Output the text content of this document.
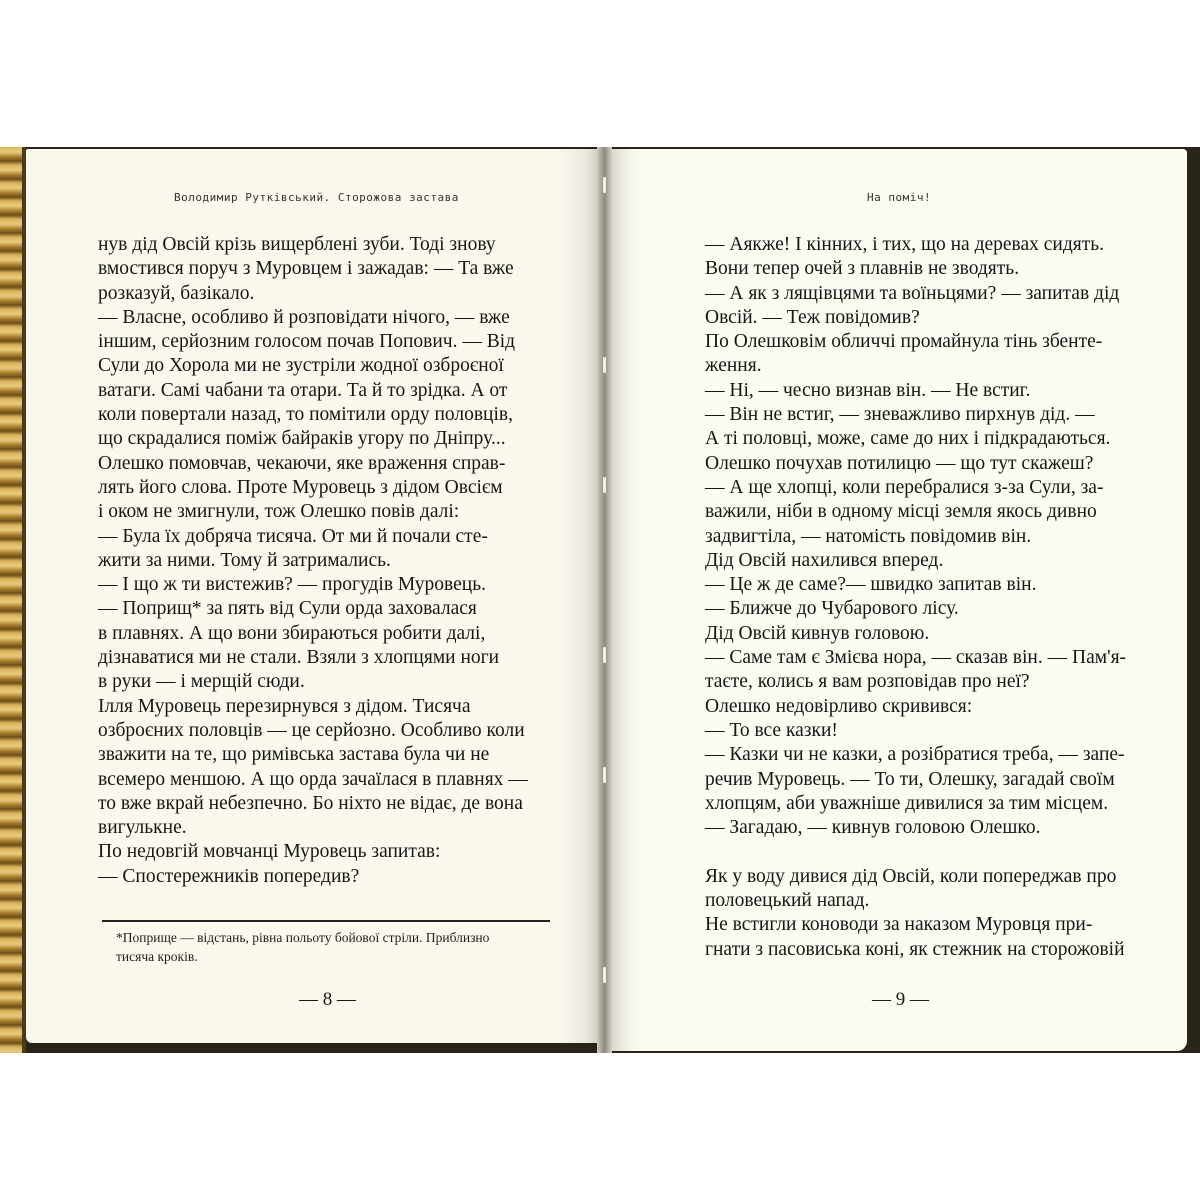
Володимир Рутківський. Сторожова застава
нув дід Овсій крізь вищерблені зуби. Тоді знову
вмостився поруч з Муровцем і зажадав: — Та вже
розказуй, базікало.
— Власне, особливо й розповідати нічого, — вже
іншим, серйозним голосом почав Попович. — Від
Сули до Хорола ми не зустріли жодної озброєної
ватаги. Самі чабани та отари. Та й то зрідка. А от
коли повертали назад, то помітили орду половців,
що скрадалися поміж байраків угору по Дніпру...
Олешко помовчав, чекаючи, яке враження справ-
лять його слова. Проте Муровець з дідом Овсієм
і оком не змигнули, тож Олешко повів далі:
— Була їх добряча тисяча. От ми й почали сте-
жити за ними. Тому й затримались.
— І що ж ти вистежив? — прогудів Муровець.
— Поприщ* за пять від Сули орда заховалася
в плавнях. А що вони збираються робити далі,
дізнаватися ми не стали. Взяли з хлопцями ноги
в руки — і мерщій сюди.
Ілля Муровець перезирнувся з дідом. Тисяча
озброєних половців — це серйозно. Особливо коли
зважити на те, що римівська застава була чи не
всемеро меншою. А що орда зачаїлася в плавнях —
то вже вкрай небезпечно. Бо ніхто не відає, де вона
вигулькне.
По недовгій мовчанці Муровець запитав:
— Спостережників попередив?
*Поприще — відстань, рівна польоту бойової стріли. Приблизно
тисяча кроків.
— 8 —
На поміч!
— Аякже! І кінних, і тих, що на деревах сидять.
Вони тепер очей з плавнів не зводять.
— А як з лящівцями та воїньцями? — запитав дід
Овсій. — Теж повідомив?
По Олешковім обличчі промайнула тінь збенте-
ження.
— Ні, — чесно визнав він. — Не встиг.
— Він не встиг, — зневажливо пирхнув дід. —
А ті половці, може, саме до них і підкрадаються.
Олешко почухав потилицю — що тут скажеш?
— А ще хлопці, коли перебралися з-за Сули, за-
важили, ніби в одному місці земля якось дивно
задвигтіла, — натомість повідомив він.
Дід Овсій нахилився вперед.
— Це ж де саме?— швидко запитав він.
— Ближче до Чубарового лісу.
Дід Овсій кивнув головою.
— Саме там є Змієва нора, — сказав він. — Пам'я-
таєте, колись я вам розповідав про неї?
Олешко недовірливо скривився:
— То все казки!
— Казки чи не казки, а розібратися треба, — запе-
речив Муровець. — То ти, Олешку, загадай своїм
хлопцям, аби уважніше дивилися за тим місцем.
— Загадаю, — кивнув головою Олешко.
Як у воду дивися дід Овсій, коли попереджав про
половецький напад.
Не встигли коноводи за наказом Муровця при-
гнати з пасовиська коні, як стежник на сторожовій
— 9 —
